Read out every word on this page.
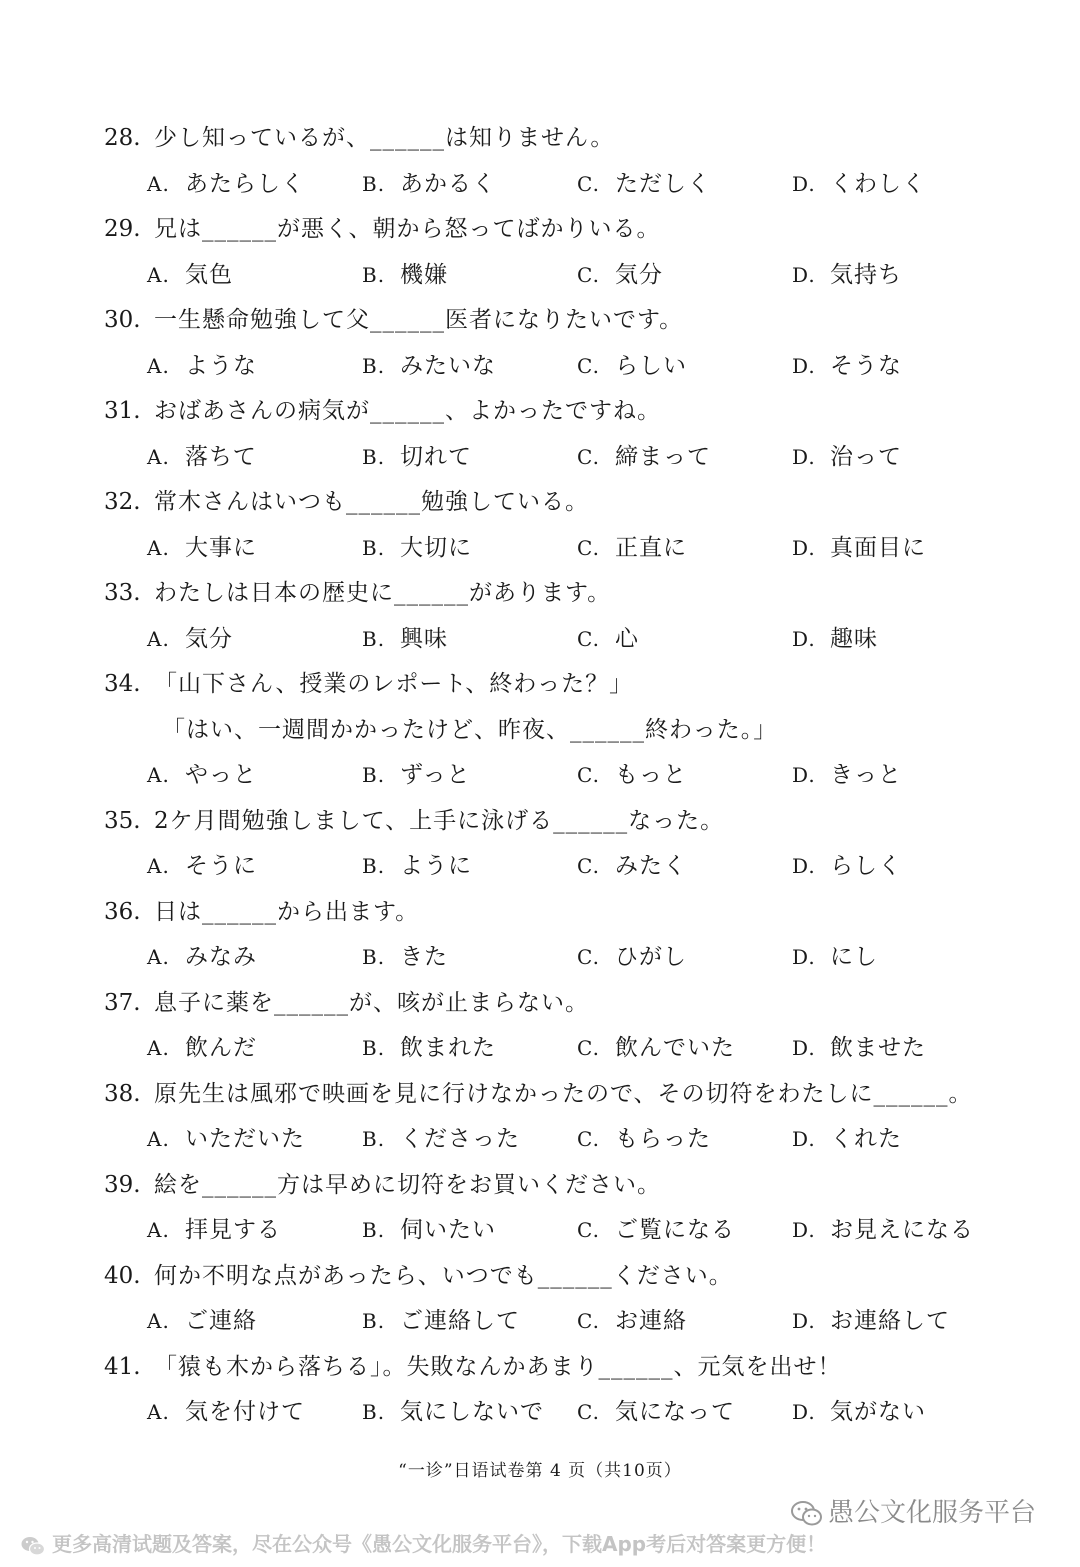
28. 少し知っているが、______は知りません。
A. あたらしく	B. あかるく	C. ただしく	D. くわしく
29. 兄は______が悪く、朝から怒ってばかりいる。
A. 気色	B. 機嫌	C. 気分	D. 気持ち
30. 一生懸命勉強して父______医者になりたいです。
A. ような	B. みたいな	C. らしい	D. そうな
31. おばあさんの病気が______、よかったですね。
A. 落ちて	B. 切れて	C. 締まって	D. 治って
32. 常木さんはいつも______勉強している。
A. 大事に	B. 大切に	C. 正直に	D. 真面目に
33. わたしは日本の歴史に______があります。
A. 気分	B. 興味	C. 心	D. 趣味
34. 「山下さん、授業のレポート、終わった？」
「はい、一週間かかったけど、昨夜、______終わった。」
A. やっと	B. ずっと	C. もっと	D. きっと
35. 2ケ月間勉強しまして、上手に泳げる______なった。
A. そうに	B. ように	C. みたく	D. らしく
36. 日は______から出ます。
A. みなみ	B. きた	C. ひがし	D. にし
37. 息子に薬を______が、咳が止まらない。
A. 飲んだ	B. 飲まれた	C. 飲んでいた	D. 飲ませた
38. 原先生は風邪で映画を見に行けなかったので、その切符をわたしに______。
A. いただいた	B. くださった	C. もらった	D. くれた
39. 絵を______方は早めに切符をお買いください。
A. 拝見する	B. 伺いたい	C. ご覧になる	D. お見えになる
40. 何か不明な点があったら、いつでも______ください。
A. ご連絡	B. ご連絡して	C. お連絡	D. お連絡して
41. 「猿も木から落ちる」。失敗なんかあまり______、元気を出せ！
A. 気を付けて	B. 気にしないで C. 気になって	D. 気がない
“一诊”日语试卷第 4 页（共10页）
愚公文化服务平台
更多高清试题及答案，尽在公众号《愚公文化服务平台》，下载App考后对答案更方便！
